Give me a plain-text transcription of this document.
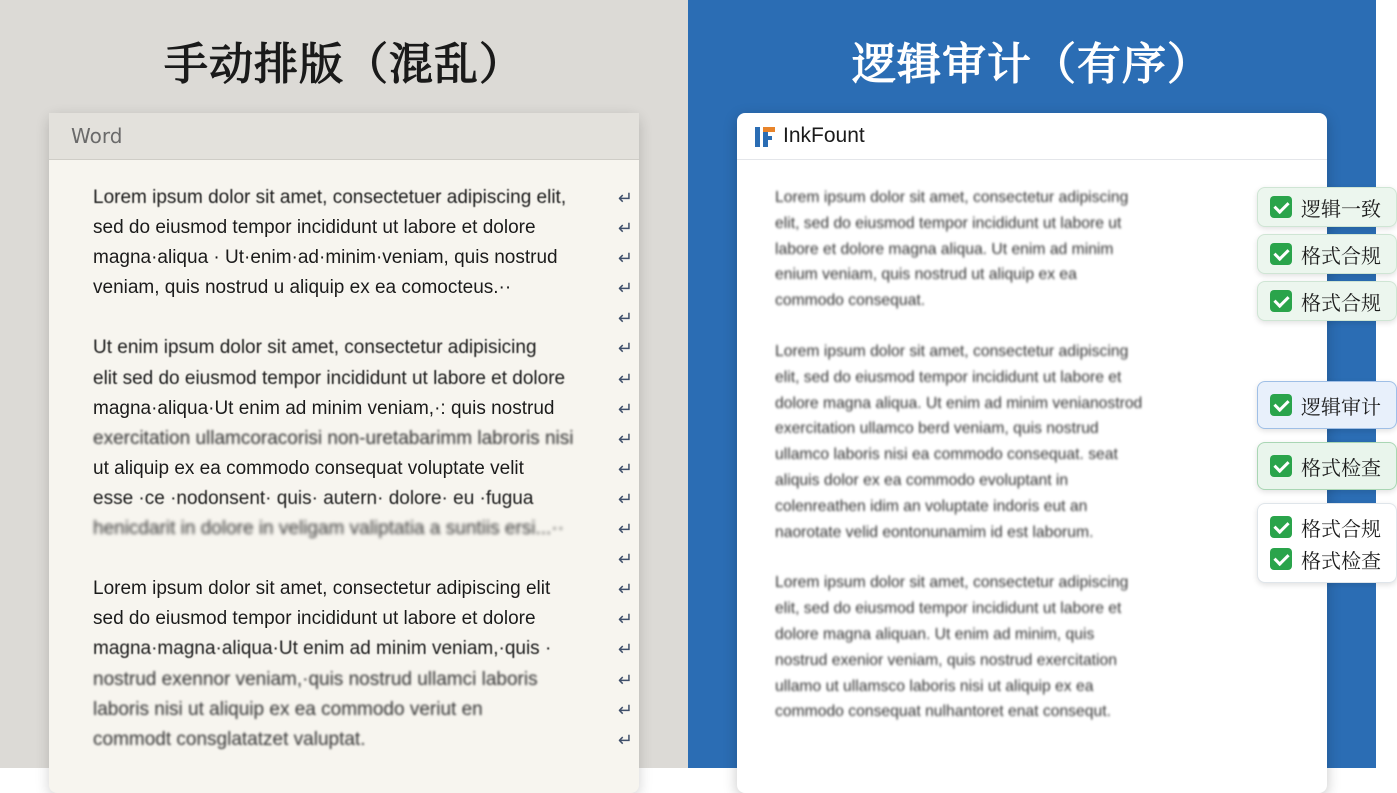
手动排版（混乱）
Word
Lorem ipsum dolor sit amet, consectetuer adipiscing elit,	↵
sed do eiusmod tempor incididunt ut labore et dolore	↵
magna·aliqua · Ut·enim·ad·minim·veniam, quis nostrud	↵
veniam, quis nostrud u aliquip ex ea comocteus.··	↵
↵
Ut enim ipsum dolor sit amet, consectetur adipisicing	↵
elit sed do eiusmod tempor incididunt ut labore et dolore	↵
magna·aliqua·Ut enim ad minim veniam,·: quis nostrud	↵
exercitation ullamcoracorisi non-uretabarimm labroris nisi ↵
ut aliquip ex ea commodo consequat voluptate velit	↵
esse ·ce ·nodonsent· quis· autern· dolore· eu ·fugua	↵
henicdarit in dolore in veligam valiptatia a suntiis ersi...··	↵
↵
Lorem ipsum dolor sit amet, consectetur adipiscing elit	↵
sed do eiusmod tempor incididunt ut labore et dolore	↵
magna·magna·aliqua·Ut enim ad minim veniam,·quis ·	↵
nostrud exennor veniam,·quis nostrud ullamci laboris	↵
laboris nisi ut aliquip ex ea commodo veriut en	↵
commodt consglatatzet valuptat.	↵
逻辑审计（有序）
InkFount
Lorem ipsum dolor sit amet, consectetur adipiscing
elit, sed do eiusmod tempor incididunt ut labore ut
labore et dolore magna aliqua. Ut enim ad minim
enium veniam, quis nostrud ut aliquip ex ea
commodo consequat.
Lorem ipsum dolor sit amet, consectetur adipiscing
elit, sed do eiusmod tempor incididunt ut labore et
dolore magna aliqua. Ut enim ad minim venianostrod
exercitation ullamco berd veniam, quis nostrud
ullamco laboris nisi ea commodo consequat. seat
aliquis dolor ex ea commodo evoluptant in
colenreathen idim an voluptate indoris eut an
naorotate velid eontonunamim id est laborum.
Lorem ipsum dolor sit amet, consectetur adipiscing
elit, sed do eiusmod tempor incididunt ut labore et
dolore magna aliquan. Ut enim ad minim, quis
nostrud exenior veniam, quis nostrud exercitation
ullamo ut ullamsco laboris nisi ut aliquip ex ea
commodo consequat nulhantoret enat consequt.
逻辑一致
格式合规
格式合规
逻辑审计
格式检查
格式合规
格式检查
